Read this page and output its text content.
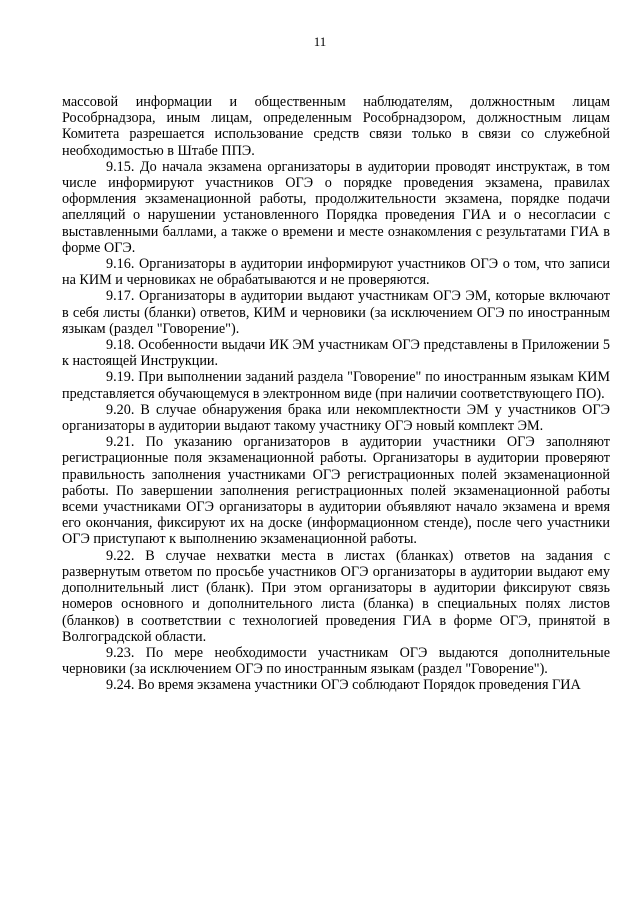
11

массовой информации и общественным наблюдателям, должностным лицам Рособрнадзора, иным лицам, определенным Рособрнадзором, должностным лицам Комитета разрешается использование средств связи только в связи со служебной необходимостью в Штабе ППЭ.

9.15. До начала экзамена организаторы в аудитории проводят инструктаж, в том числе информируют участников ОГЭ о порядке проведения экзамена, правилах оформления экзаменационной работы, продолжительности экзамена, порядке подачи апелляций о нарушении установленного Порядка проведения ГИА и о несогласии с выставленными баллами, а также о времени и месте ознакомления с результатами ГИА в форме ОГЭ.

9.16. Организаторы в аудитории информируют участников ОГЭ о том, что записи на КИМ и черновиках не обрабатываются и не проверяются.

9.17. Организаторы в аудитории выдают участникам ОГЭ ЭМ, которые включают в себя листы (бланки) ответов, КИМ и черновики (за исключением ОГЭ по иностранным языкам (раздел "Говорение").

9.18. Особенности выдачи ИК ЭМ участникам ОГЭ представлены в Приложении 5 к настоящей Инструкции.

9.19. При выполнении заданий раздела "Говорение" по иностранным языкам КИМ представляется обучающемуся в электронном виде (при наличии соответствующего ПО).

9.20. В случае обнаружения брака или некомплектности ЭМ у участников ОГЭ организаторы в аудитории выдают такому участнику ОГЭ новый комплект ЭМ.

9.21. По указанию организаторов в аудитории участники ОГЭ заполняют регистрационные поля экзаменационной работы. Организаторы в аудитории проверяют правильность заполнения участниками ОГЭ регистрационных полей экзаменационной работы. По завершении заполнения регистрационных полей экзаменационной работы всеми участниками ОГЭ организаторы в аудитории объявляют начало экзамена и время его окончания, фиксируют их на доске (информационном стенде), после чего участники ОГЭ приступают к выполнению экзаменационной работы.

9.22. В случае нехватки места в листах (бланках) ответов на задания с развернутым ответом по просьбе участников ОГЭ организаторы в аудитории выдают ему дополнительный лист (бланк). При этом организаторы в аудитории фиксируют связь номеров основного и дополнительного листа (бланка) в специальных полях листов (бланков) в соответствии с технологией проведения ГИА в форме ОГЭ, принятой в Волгоградской области.

9.23. По мере необходимости участникам ОГЭ выдаются дополнительные черновики (за исключением ОГЭ по иностранным языкам (раздел "Говорение").

9.24. Во время экзамена участники ОГЭ соблюдают Порядок проведения ГИА
